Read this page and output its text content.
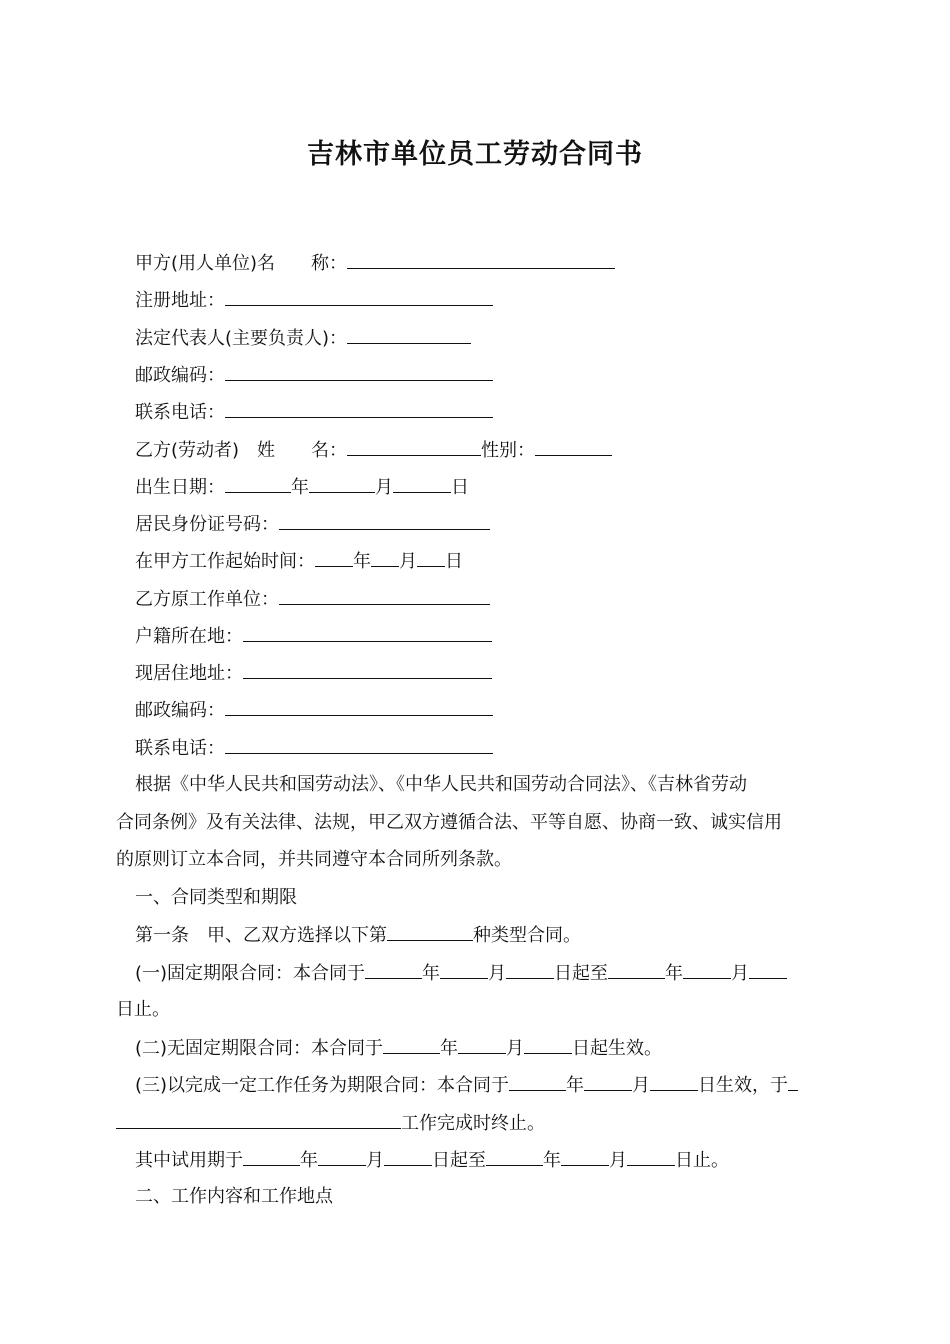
吉林市单位员工劳动合同书
甲方(用人单位)名　　称：
注册地址：
法定代表人(主要负责人)：
邮政编码：
联系电话：
乙方(劳动者)　姓　　名：	性别：
出生日期：	年	月	日
居民身份证号码：
在甲方工作起始时间： 年 月 日
乙方原工作单位：
户籍所在地：
现居住地址：
邮政编码：
联系电话：
根据《中华人民共和国劳动法》、《中华人民共和国劳动合同法》、《吉林省劳动
合同条例》及有关法律、法规，甲乙双方遵循合法、平等自愿、协商一致、诚实信用
的原则订立本合同，并共同遵守本合同所列条款。
一、合同类型和期限
第一条　甲、乙双方选择以下第	种类型合同。
(一)固定期限合同：本合同于	年	月	日起至	年	月
日止。
(二)无固定期限合同：本合同于	年	月	日起生效。
(三)以完成一定工作任务为期限合同：本合同于	年	月	日生效，于
工作完成时终止。
其中试用期于	年	月	日起至	年	月	日止。
二、工作内容和工作地点
